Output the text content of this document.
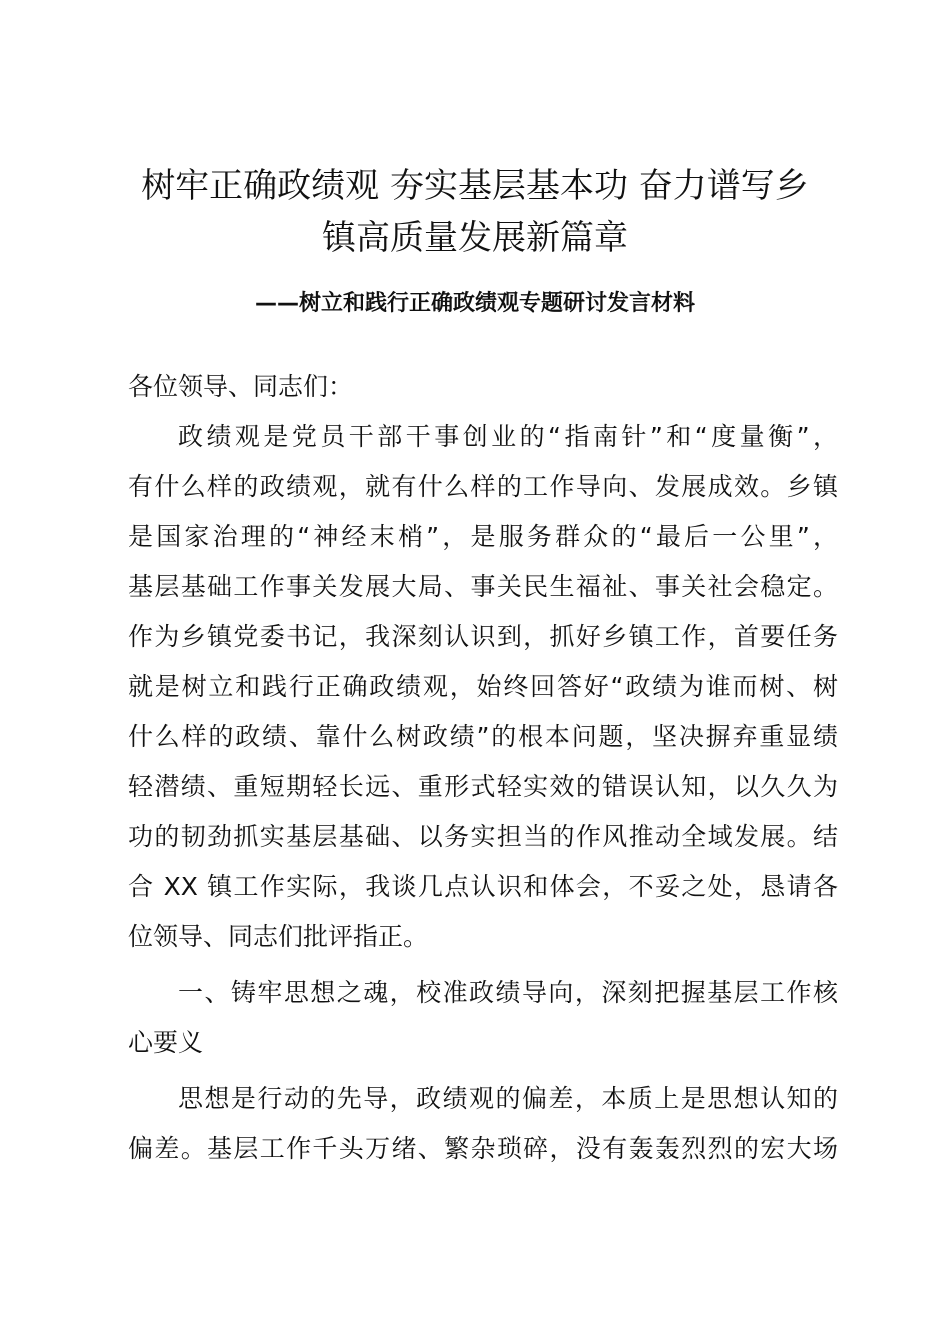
树牢正确政绩观 夯实基层基本功 奋力谱写乡
镇高质量发展新篇章
——树立和践行正确政绩观专题研讨发言材料
各位领导、同志们：
政绩观是党员干部干事创业的“指南针”和“度量衡”，
有什么样的政绩观，就有什么样的工作导向、发展成效。乡镇
是国家治理的“神经末梢”，是服务群众的“最后一公里”，
基层基础工作事关发展大局、事关民生福祉、事关社会稳定。
作为乡镇党委书记，我深刻认识到，抓好乡镇工作，首要任务
就是树立和践行正确政绩观，始终回答好“政绩为谁而树、树
什么样的政绩、靠什么树政绩”的根本问题，坚决摒弃重显绩
轻潜绩、重短期轻长远、重形式轻实效的错误认知，以久久为
功的韧劲抓实基层基础、以务实担当的作风推动全域发展。结
合 XX 镇工作实际，我谈几点认识和体会，不妥之处，恳请各
位领导、同志们批评指正。
一、铸牢思想之魂，校准政绩导向，深刻把握基层工作核
心要义
思想是行动的先导，政绩观的偏差，本质上是思想认知的
偏差。基层工作千头万绪、繁杂琐碎，没有轰轰烈烈的宏大场
